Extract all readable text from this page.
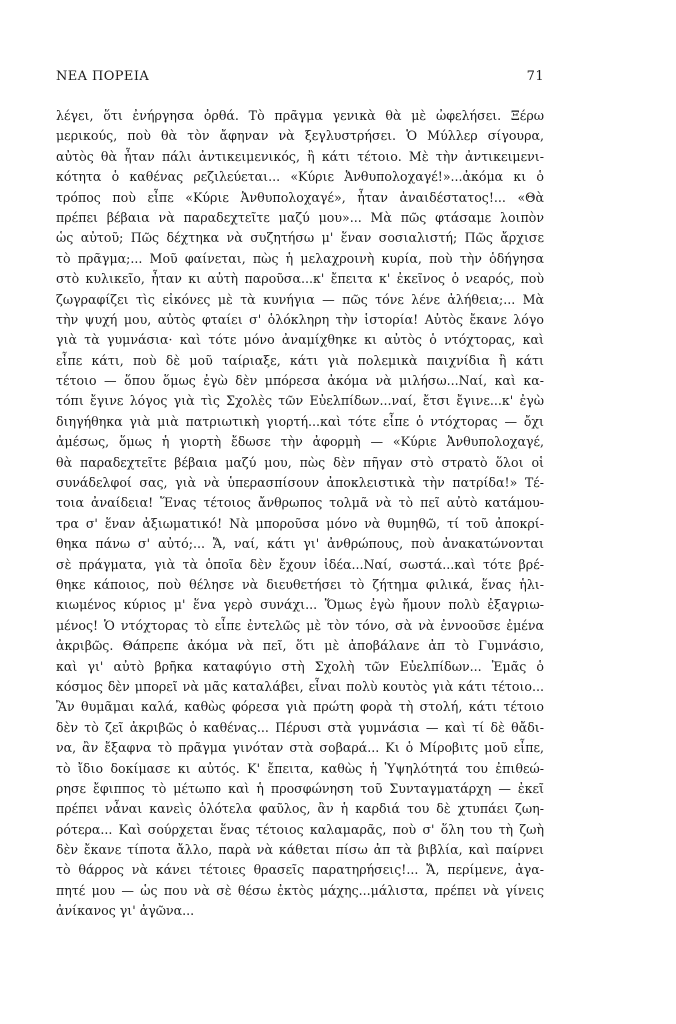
ΝΕΑ ΠΟΡΕΙΑ	71
λέγει, ὅτι ἐνήργησα ὀρθά. Τὸ πρᾶγμα γενικὰ θὰ μὲ ὠφελήσει. Ξέρω
μερικούς, ποὺ θὰ τὸν ἄφηναν νὰ ξεγλυστρήσει. Ὁ Μύλλερ σίγουρα,
αὐτὸς θὰ ἦταν πάλι ἀντικειμενικός, ἢ κάτι τέτοιο. Μὲ τὴν ἀντικειμενι-
κότητα ὁ καθένας ρεζιλεύεται... «Κύριε Ἀνθυπολοχαγέ!»...ἀκόμα κι ὁ
τρόπος ποὺ εἶπε «Κύριε Ἀνθυπολοχαγέ», ἦταν ἀναιδέστατος!... «Θὰ
πρέπει βέβαια νὰ παραδεχτεῖτε μαζύ μου»... Μὰ πῶς φτάσαμε λοιπὸν
ὡς αὐτοῦ; Πῶς δέχτηκα νὰ συζητήσω μ' ἕναν σοσιαλιστή; Πῶς ἄρχισε
τὸ πρᾶγμα;... Μοῦ φαίνεται, πὼς ἡ μελαχροινὴ κυρία, ποὺ τὴν ὁδήγησα
στὸ κυλικεῖο, ἦταν κι αὐτὴ παροῦσα...κ' ἔπειτα κ' ἐκεῖνος ὁ νεαρός, ποὺ
ζωγραφίζει τὶς εἰκόνες μὲ τὰ κυνήγια — πῶς τόνε λένε ἀλήθεια;... Μὰ
τὴν ψυχή μου, αὐτὸς φταίει σ' ὁλόκληρη τὴν ἱστορία! Αὐτὸς ἔκανε λόγο
γιὰ τὰ γυμνάσια· καὶ τότε μόνο ἀναμίχθηκε κι αὐτὸς ὁ ντόχτορας, καὶ
εἶπε κάτι, ποὺ δὲ μοῦ ταίριαξε, κάτι γιὰ πολεμικὰ παιχνίδια ἢ κάτι
τέτοιο — ὅπου ὅμως ἐγὼ δὲν μπόρεσα ἀκόμα νὰ μιλήσω...Ναί, καὶ κα-
τόπι ἔγινε λόγος γιὰ τὶς Σχολὲς τῶν Εὐελπίδων...ναί, ἔτσι ἔγινε...κ' ἐγὼ
διηγήθηκα γιὰ μιὰ πατριωτικὴ γιορτή...καὶ τότε εἶπε ὁ ντόχτορας — ὄχι
ἀμέσως, ὅμως ἡ γιορτὴ ἔδωσε τὴν ἀφορμὴ — «Κύριε Ἀνθυπολοχαγέ,
θὰ παραδεχτεῖτε βέβαια μαζύ μου, πὼς δὲν πῆγαν στὸ στρατὸ ὅλοι οἱ
συνάδελφοί σας, γιὰ νὰ ὑπερασπίσουν ἀποκλειστικὰ τὴν πατρίδα!» Τέ-
τοια ἀναίδεια! Ἕνας τέτοιος ἄνθρωπος τολμᾶ νὰ τὸ πεῖ αὐτὸ κατάμου-
τρα σ' ἕναν ἀξιωματικό! Νὰ μποροῦσα μόνο νὰ θυμηθῶ, τί τοῦ ἀποκρί-
θηκα πάνω σ' αὐτό;... Ἄ, ναί, κάτι γι' ἀνθρώπους, ποὺ ἀνακατώνονται
σὲ πράγματα, γιὰ τὰ ὁποῖα δὲν ἔχουν ἰδέα...Ναί, σωστά...καὶ τότε βρέ-
θηκε κάποιος, ποὺ θέλησε νὰ διευθετήσει τὸ ζήτημα φιλικά, ἕνας ἡλι-
κιωμένος κύριος μ' ἕνα γερὸ συνάχι... Ὅμως ἐγὼ ἤμουν πολὺ ἐξαγριω-
μένος! Ὁ ντόχτορας τὸ εἶπε ἐντελῶς μὲ τὸν τόνο, σὰ νὰ ἐννοοῦσε ἐμένα
ἀκριβῶς. Θάπρεπε ἀκόμα νὰ πεῖ, ὅτι μὲ ἀποβάλανε ἀπ τὸ Γυμνάσιο,
καὶ γι' αὐτὸ βρῆκα καταφύγιο στὴ Σχολὴ τῶν Εὐελπίδων... Ἐμᾶς ὁ
κόσμος δὲν μπορεῖ νὰ μᾶς καταλάβει, εἶναι πολὺ κουτὸς γιὰ κάτι τέτοιο...
Ἂν θυμᾶμαι καλά, καθὼς φόρεσα γιὰ πρώτη φορὰ τὴ στολή, κάτι τέτοιο
δὲν τὸ ζεῖ ἀκριβῶς ὁ καθένας... Πέρυσι στὰ γυμνάσια — καὶ τί δὲ θἄδι-
να, ἂν ἔξαφνα τὸ πρᾶγμα γινόταν στὰ σοβαρά... Κι ὁ Μίροβιτς μοῦ εἶπε,
τὸ ἴδιο δοκίμασε κι αὐτός. Κ' ἔπειτα, καθὼς ἡ Ὑψηλότητά του ἐπιθεώ-
ρησε ἔφιππος τὸ μέτωπο καὶ ἡ προσφώνηση τοῦ Συνταγματάρχη — ἐκεῖ
πρέπει νἆναι κανεὶς ὁλότελα φαῦλος, ἂν ἡ καρδιά του δὲ χτυπάει ζωη-
ρότερα... Καὶ σούρχεται ἕνας τέτοιος καλαμαρᾶς, ποὺ σ' ὅλη του τὴ ζωὴ
δὲν ἔκανε τίποτα ἄλλο, παρὰ νὰ κάθεται πίσω ἀπ τὰ βιβλία, καὶ παίρνει
τὸ θάρρος νὰ κάνει τέτοιες θρασεῖς παρατηρήσεις!... Ἄ, περίμενε, ἀγα-
πητέ μου — ὡς που νὰ σὲ θέσω ἐκτὸς μάχης...μάλιστα, πρέπει νὰ γίνεις
ἀνίκανος γι' ἀγῶνα...
